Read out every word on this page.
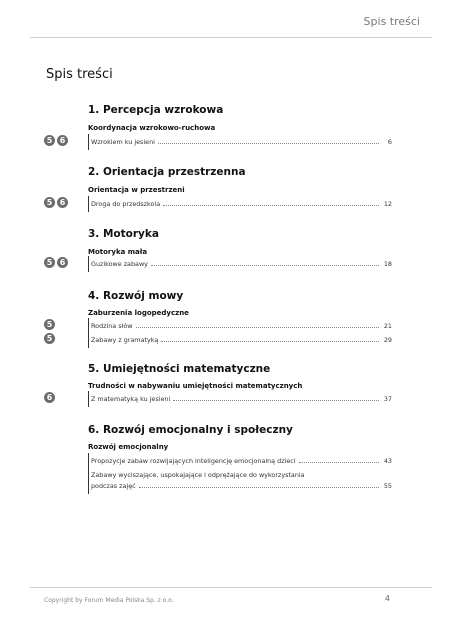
Spis treści
Spis treści
1. Percepcja wzrokowa
Koordynacja wzrokowo-ruchowa
5 6	Wzrokiem ku jesieni	6
2. Orientacja przestrzenna
Orientacja w przestrzeni
5 6	Droga do przedszkola	12
3. Motoryka
Motoryka mała
5 6	Guzikowe zabawy	18
4. Rozwój mowy
Zaburzenia logopedyczne
5	Rodzina słów	21
5	Zabawy z gramatyką	29
5. Umiejętności matematyczne
Trudności w nabywaniu umiejętności matematycznych
6	Z matematyką ku jesieni	37
6. Rozwój emocjonalny i społeczny
Rozwój emocjonalny
Propozycje zabaw rozwijających inteligencję emocjonalną dzieci	43
Zabawy wyciszające, uspokajające i odprężające do wykorzystania
podczas zajęć	55
Copyright by Forum Media Polska Sp. z o.o.	4
